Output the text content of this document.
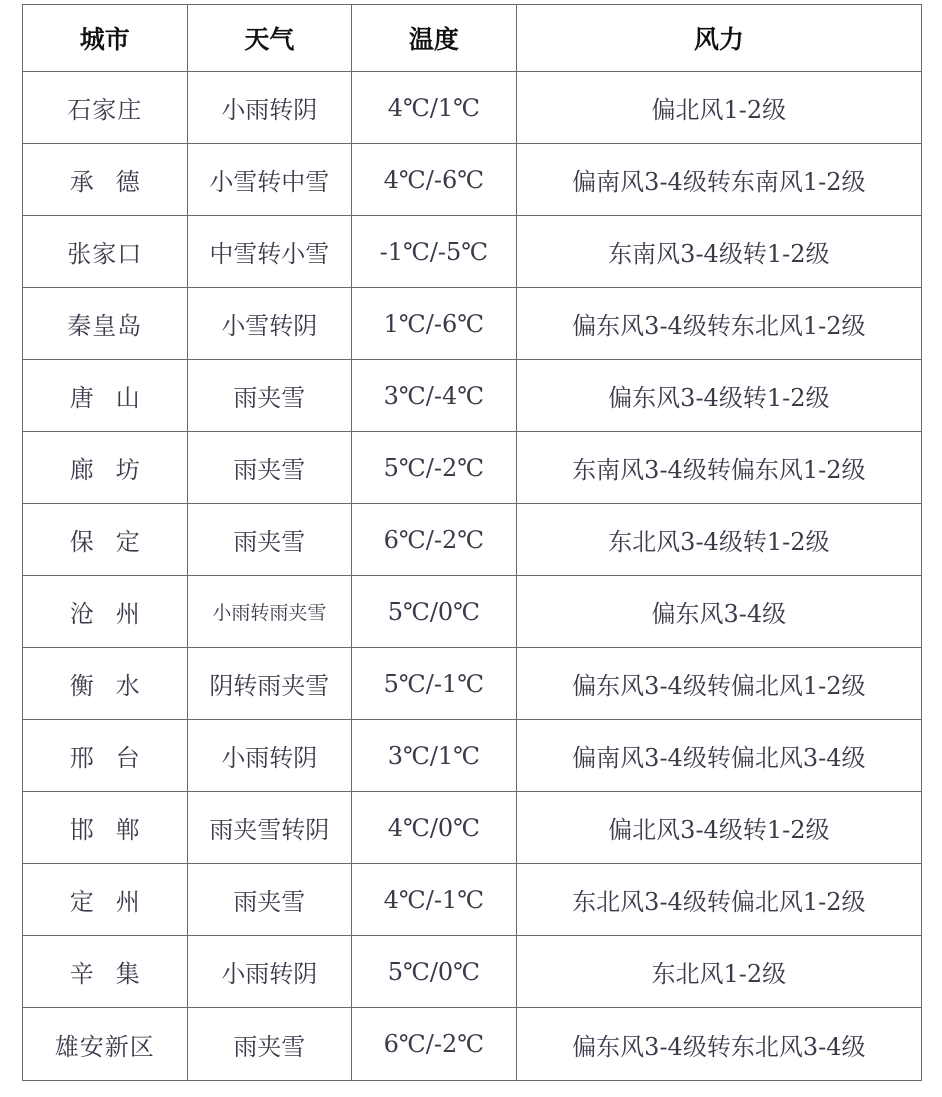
城市	天气	温度	风力
石家庄	小雨转阴	4℃/1℃	偏北风1-2级
承德	小雪转中雪	4℃/-6℃	偏南风3-4级转东南风1-2级
张家口	中雪转小雪	-1℃/-5℃	东南风3-4级转1-2级
秦皇岛	小雪转阴	1℃/-6℃	偏东风3-4级转东北风1-2级
唐山	雨夹雪	3℃/-4℃	偏东风3-4级转1-2级
廊坊	雨夹雪	5℃/-2℃	东南风3-4级转偏东风1-2级
保定	雨夹雪	6℃/-2℃	东北风3-4级转1-2级
沧州	小雨转雨夹雪	5℃/0℃	偏东风3-4级
衡水	阴转雨夹雪	5℃/-1℃	偏东风3-4级转偏北风1-2级
邢台	小雨转阴	3℃/1℃	偏南风3-4级转偏北风3-4级
邯郸	雨夹雪转阴	4℃/0℃	偏北风3-4级转1-2级
定州	雨夹雪	4℃/-1℃	东北风3-4级转偏北风1-2级
辛集	小雨转阴	5℃/0℃	东北风1-2级
雄安新区	雨夹雪	6℃/-2℃	偏东风3-4级转东北风3-4级
